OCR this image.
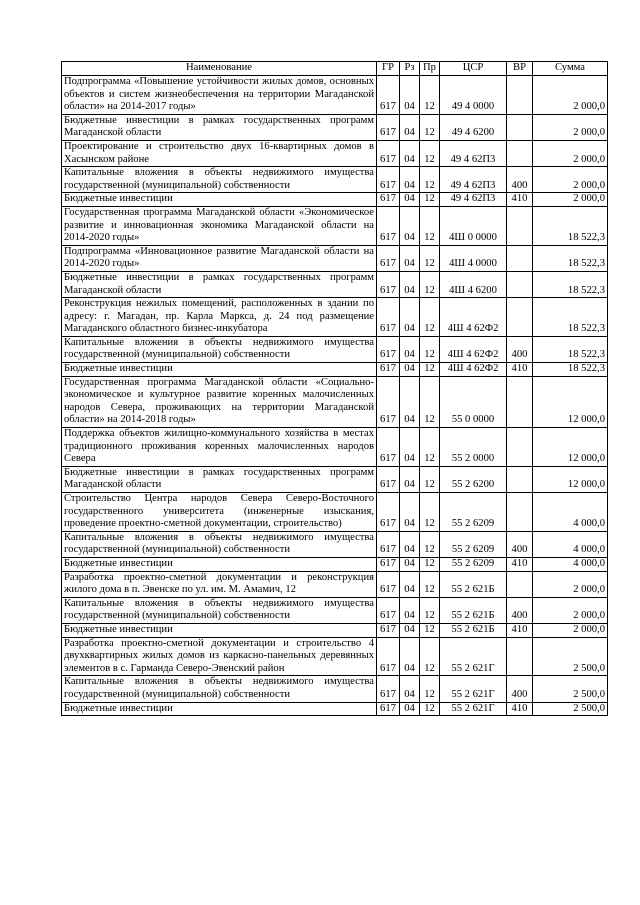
Наименование	ГР	Рз	Пр	ЦСР	ВР	Сумма
Подпрограмма «Повышение устойчивости жилых домов, основных объектов и систем жизнеобеспечения на территории Магаданской области» на 2014-2017 годы»	617	04	12	49 4 0000		2 000,0
Бюджетные инвестиции в рамках государственных программ Магаданской области	617	04	12	49 4 6200		2 000,0
Проектирование и строительство двух 16-квартирных домов в Хасынском районе	617	04	12	49 4 62П3		2 000,0
Капитальные вложения в объекты недвижимого имущества государственной (муниципальной) собственности	617	04	12	49 4 62П3	400	2 000,0
Бюджетные инвестиции	617	04	12	49 4 62П3	410	2 000,0
Государственная программа Магаданской области «Экономическое развитие и инновационная экономика Магаданской области на 2014-2020 годы»	617	04	12	4Ш 0 0000		18 522,3
Подпрограмма «Инновационное развитие Магаданской области на 2014-2020 годы»	617	04	12	4Ш 4 0000		18 522,3
Бюджетные инвестиции в рамках государственных программ Магаданской области	617	04	12	4Ш 4 6200		18 522,3
Реконструкция нежилых помещений, расположенных в здании по адресу: г. Магадан, пр. Карла Маркса, д. 24 под размещение Магаданского областного бизнес-инкубатора	617	04	12	4Ш 4 62Ф2		18 522,3
Капитальные вложения в объекты недвижимого имущества государственной (муниципальной) собственности	617	04	12	4Ш 4 62Ф2	400	18 522,3
Бюджетные инвестиции	617	04	12	4Ш 4 62Ф2	410	18 522,3
Государственная программа Магаданской области «Социально-экономическое и культурное развитие коренных малочисленных народов Севера, проживающих на территории Магаданской области» на 2014-2018 годы»	617	04	12	55 0 0000		12 000,0
Поддержка объектов жилищно-коммунального хозяйства в местах традиционного проживания коренных малочисленных народов Севера	617	04	12	55 2 0000		12 000,0
Бюджетные инвестиции в рамках государственных программ Магаданской области	617	04	12	55 2 6200		12 000,0
Строительство Центра народов Севера Северо-Восточного государственного университета (инженерные изыскания, проведение проектно-сметной документации, строительство)	617	04	12	55 2 6209		4 000,0
Капитальные вложения в объекты недвижимого имущества государственной (муниципальной) собственности	617	04	12	55 2 6209	400	4 000,0
Бюджетные инвестиции	617	04	12	55 2 6209	410	4 000,0
Разработка проектно-сметной документации и реконструкция жилого дома в п. Эвенске по ул. им. М. Амамич, 12	617	04	12	55 2 621Б		2 000,0
Капитальные вложения в объекты недвижимого имущества государственной (муниципальной) собственности	617	04	12	55 2 621Б	400	2 000,0
Бюджетные инвестиции	617	04	12	55 2 621Б	410	2 000,0
Разработка проектно-сметной документации и строительство 4 двухквартирных жилых домов из каркасно-панельных деревянных элементов в с. Гарманда Северо-Эвенский район	617	04	12	55 2 621Г		2 500,0
Капитальные вложения в объекты недвижимого имущества государственной (муниципальной) собственности	617	04	12	55 2 621Г	400	2 500,0
Бюджетные инвестиции	617	04	12	55 2 621Г	410	2 500,0
